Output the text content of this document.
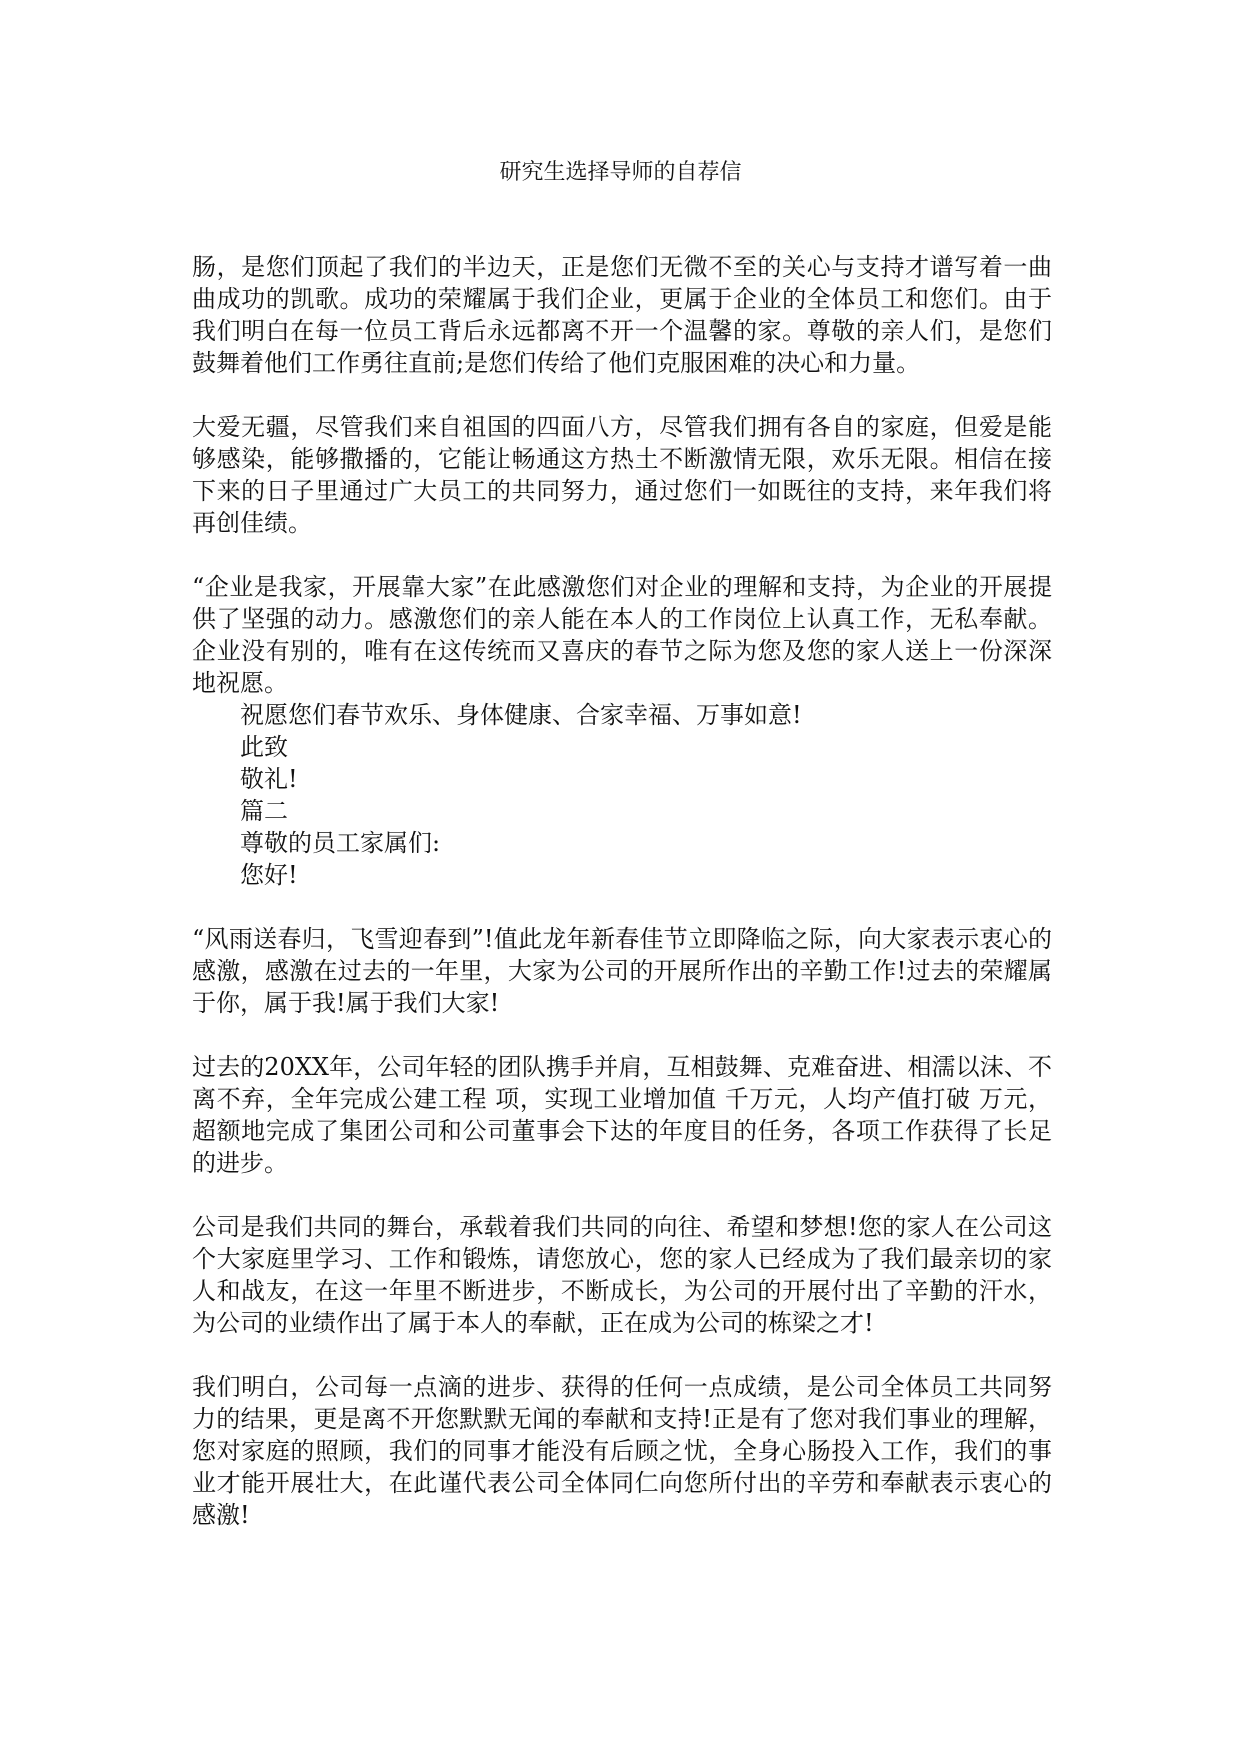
研究生选择导师的自荐信

肠，是您们顶起了我们的半边天，正是您们无微不至的关心与支持才谱写着一曲曲成功的凯歌。成功的荣耀属于我们企业，更属于企业的全体员工和您们。由于我们明白在每一位员工背后永远都离不开一个温馨的家。尊敬的亲人们，是您们鼓舞着他们工作勇往直前;是您们传给了他们克服困难的决心和力量。

大爱无疆，尽管我们来自祖国的四面八方，尽管我们拥有各自的家庭，但爱是能够感染，能够撒播的，它能让畅通这方热土不断激情无限，欢乐无限。相信在接下来的日子里通过广大员工的共同努力，通过您们一如既往的支持，来年我们将再创佳绩。

“企业是我家，开展靠大家”在此感激您们对企业的理解和支持，为企业的开展提供了坚强的动力。感激您们的亲人能在本人的工作岗位上认真工作，无私奉献。企业没有别的，唯有在这传统而又喜庆的春节之际为您及您的家人送上一份深深地祝愿。

祝愿您们春节欢乐、身体健康、合家幸福、万事如意!

此致

敬礼!

篇二

尊敬的员工家属们:

您好!

“风雨送春归，飞雪迎春到”!值此龙年新春佳节立即降临之际，向大家表示衷心的感激，感激在过去的一年里，大家为公司的开展所作出的辛勤工作!过去的荣耀属于你，属于我!属于我们大家!

过去的20XX年，公司年轻的团队携手并肩，互相鼓舞、克难奋进、相濡以沫、不离不弃，全年完成公建工程 项，实现工业增加值 千万元，人均产值打破 万元，超额地完成了集团公司和公司董事会下达的年度目的任务，各项工作获得了长足的进步。

公司是我们共同的舞台，承载着我们共同的向往、希望和梦想!您的家人在公司这个大家庭里学习、工作和锻炼，请您放心，您的家人已经成为了我们最亲切的家人和战友，在这一年里不断进步，不断成长，为公司的开展付出了辛勤的汗水，为公司的业绩作出了属于本人的奉献，正在成为公司的栋梁之才!

我们明白，公司每一点滴的进步、获得的任何一点成绩，是公司全体员工共同努力的结果，更是离不开您默默无闻的奉献和支持!正是有了您对我们事业的理解，您对家庭的照顾，我们的同事才能没有后顾之忧，全身心肠投入工作，我们的事业才能开展壮大，在此谨代表公司全体同仁向您所付出的辛劳和奉献表示衷心的感激!
